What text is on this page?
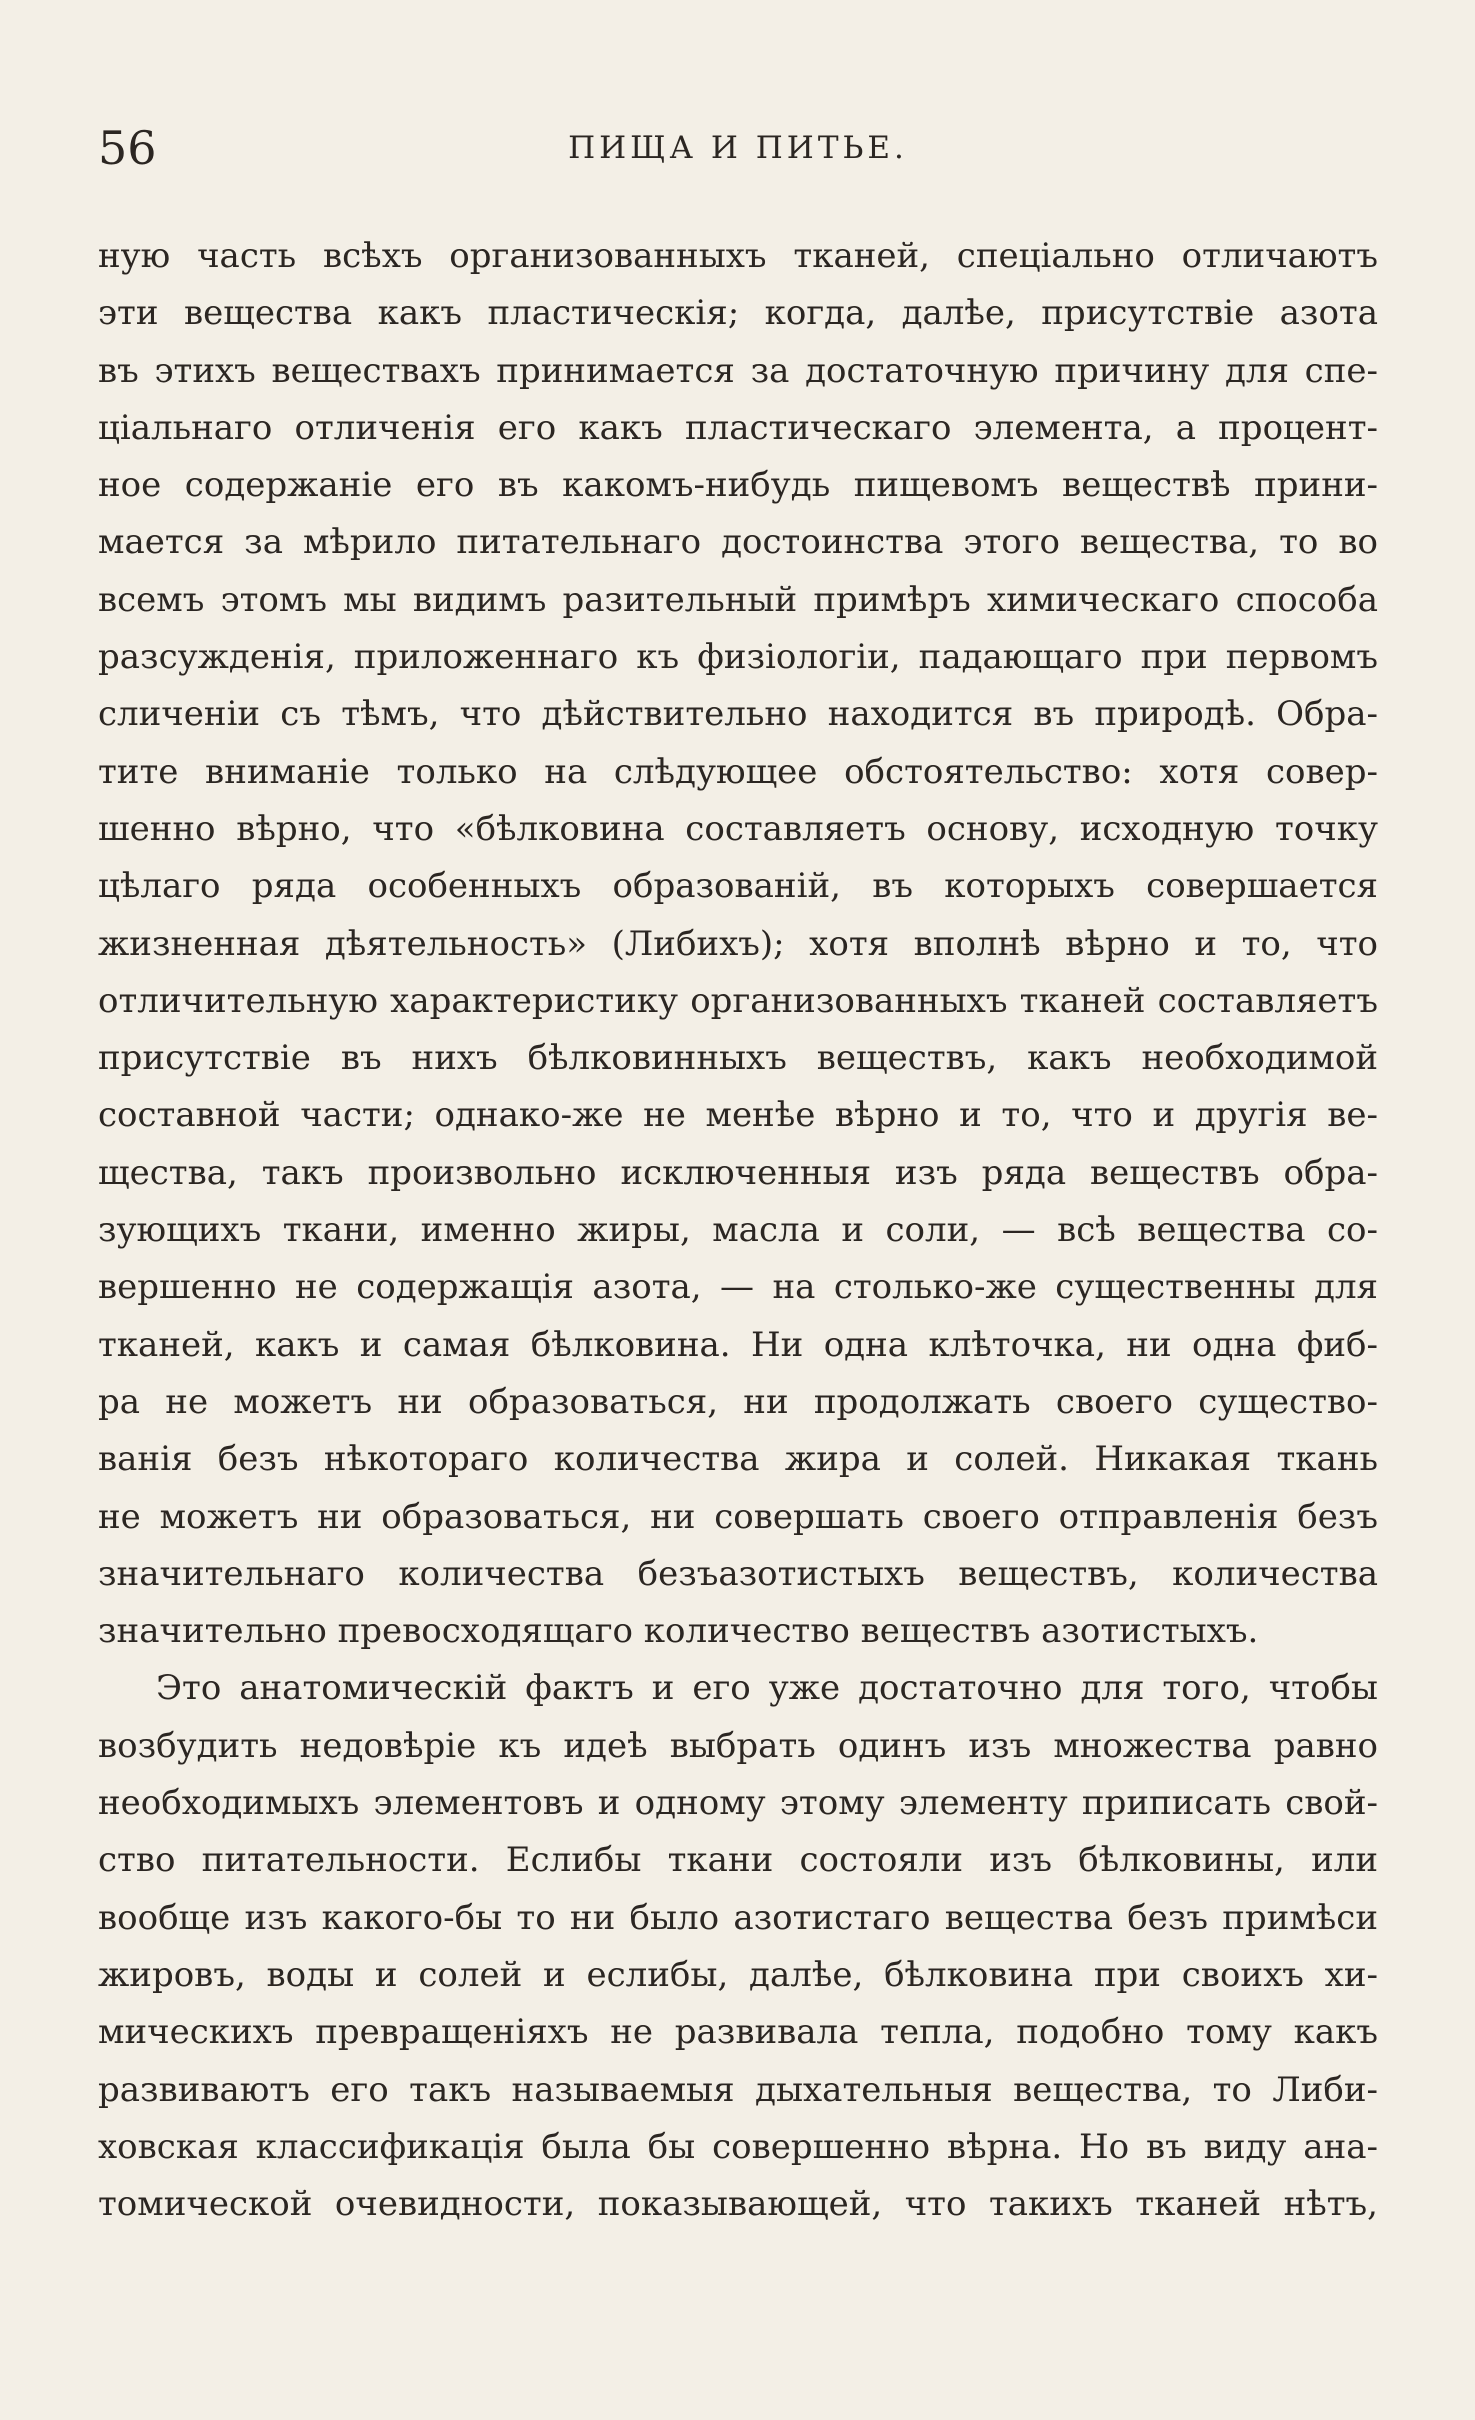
56	ПИЩА И ПИТЬЕ.
ную часть всѣхъ организованныхъ тканей, спеціально отличаютъ
эти вещества какъ пластическія; когда, далѣе, присутствіе азота
въ этихъ веществахъ принимается за достаточную причину для спе-
ціальнаго отличенія его какъ пластическаго элемента, а процент-
ное содержаніе его въ какомъ-нибудь пищевомъ веществѣ прини-
мается за мѣрило питательнаго достоинства этого вещества, то во
всемъ этомъ мы видимъ разительный примѣръ химическаго способа
разсужденія, приложеннаго къ физіологіи, падающаго при первомъ
сличеніи съ тѣмъ, что дѣйствительно находится въ природѣ. Обра-
тите вниманіе только на слѣдующее обстоятельство: хотя совер-
шенно вѣрно, что «бѣлковина составляетъ основу, исходную точку
цѣлаго ряда особенныхъ образованій, въ которыхъ совершается
жизненная дѣятельность» (Либихъ); хотя вполнѣ вѣрно и то, что
отличительную характеристику организованныхъ тканей составляетъ
присутствіе въ нихъ бѣлковинныхъ веществъ, какъ необходимой
составной части; однако-же не менѣе вѣрно и то, что и другія ве-
щества, такъ произвольно исключенныя изъ ряда веществъ обра-
зующихъ ткани, именно жиры, масла и соли, — всѣ вещества со-
вершенно не содержащія азота, — на столько-же существенны для
тканей, какъ и самая бѣлковина. Ни одна клѣточка, ни одна фиб-
ра не можетъ ни образоваться, ни продолжать своего существо-
ванія безъ нѣкотораго количества жира и солей. Никакая ткань
не можетъ ни образоваться, ни совершать своего отправленія безъ
значительнаго количества безъазотистыхъ веществъ, количества
значительно превосходящаго количество веществъ азотистыхъ.
Это анатомическій фактъ и его уже достаточно для того, чтобы
возбудить недовѣріе къ идеѣ выбрать одинъ изъ множества равно
необходимыхъ элементовъ и одному этому элементу приписать свой-
ство питательности. Еслибы ткани состояли изъ бѣлковины, или
вообще изъ какого-бы то ни было азотистаго вещества безъ примѣси
жировъ, воды и солей и еслибы, далѣе, бѣлковина при своихъ хи-
мическихъ превращеніяхъ не развивала тепла, подобно тому какъ
развиваютъ его такъ называемыя дыхательныя вещества, то Либи-
ховская классификація была бы совершенно вѣрна. Но въ виду ана-
томической очевидности, показывающей, что такихъ тканей нѣтъ,
